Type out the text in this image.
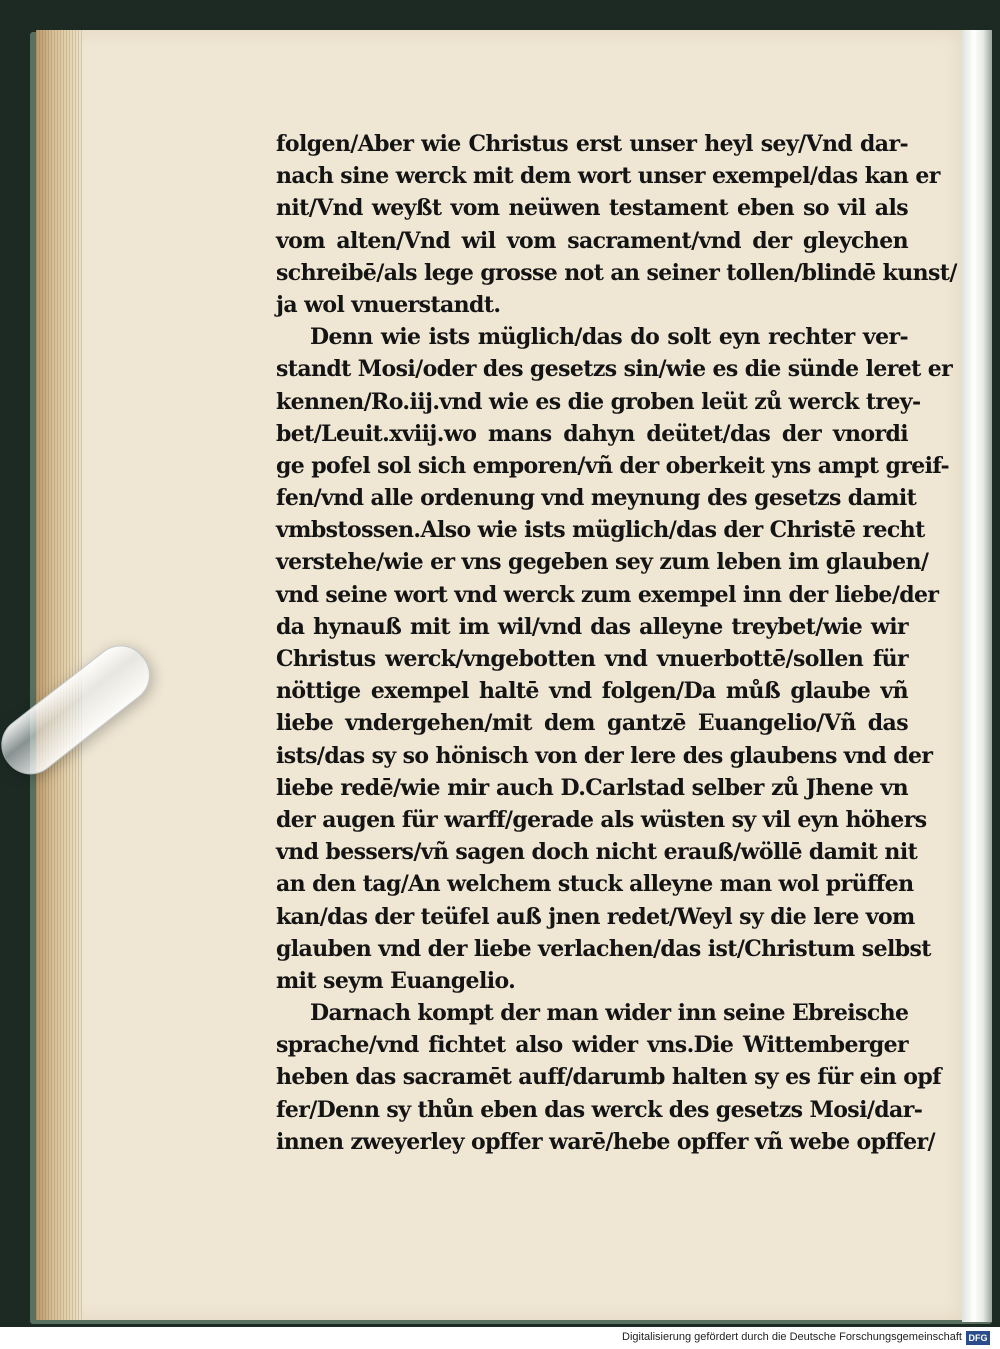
folgen/Aber wie Christus erst unser heyl sey/Vnd dar-
nach sine werck mit dem wort unser exempel/das kan er
nit/Vnd weyßt vom neüwen testament eben so vil als
vom alten/Vnd wil vom sacrament/vnd der gleychen
schreibē/als lege grosse not an seiner tollen/blindē kunst/
ja wol vnuerstandt.
Denn wie ists müglich/das do solt eyn rechter ver-
standt Mosi/oder des gesetzs sin/wie es die sünde leret er
kennen/Ro.iij.vnd wie es die groben leüt zů werck trey-
bet/Leuit.xviij.wo mans dahyn deütet/das der vnordi
ge pofel sol sich emporen/vñ der oberkeit yns ampt greif-
fen/vnd alle ordenung vnd meynung des gesetzs damit
vmbstossen.Also wie ists müglich/das der Christē recht
verstehe/wie er vns gegeben sey zum leben im glauben/
vnd seine wort vnd werck zum exempel inn der liebe/der
da hynauß mit im wil/vnd das alleyne treybet/wie wir
Christus werck/vngebotten vnd vnuerbottē/sollen für
nöttige exempel haltē vnd folgen/Da můß glaube vñ
liebe vndergehen/mit dem gantzē Euangelio/Vñ das
ists/das sy so hönisch von der lere des glaubens vnd der
liebe redē/wie mir auch D.Carlstad selber zů Jhene vn
der augen für warff/gerade als wüsten sy vil eyn höhers
vnd bessers/vñ sagen doch nicht erauß/wöllē damit nit
an den tag/An welchem stuck alleyne man wol prüffen
kan/das der teüfel auß jnen redet/Weyl sy die lere vom
glauben vnd der liebe verlachen/das ist/Christum selbst
mit seym Euangelio.
Darnach kompt der man wider inn seine Ebreische
sprache/vnd fichtet also wider vns.Die Wittemberger
heben das sacramēt auff/darumb halten sy es für ein opf
fer/Denn sy thůn eben das werck des gesetzs Mosi/dar-
innen zweyerley opffer warē/hebe opffer vñ webe opffer/
Digitalisierung gefördert durch die Deutsche Forschungsgemeinschaft DFG
